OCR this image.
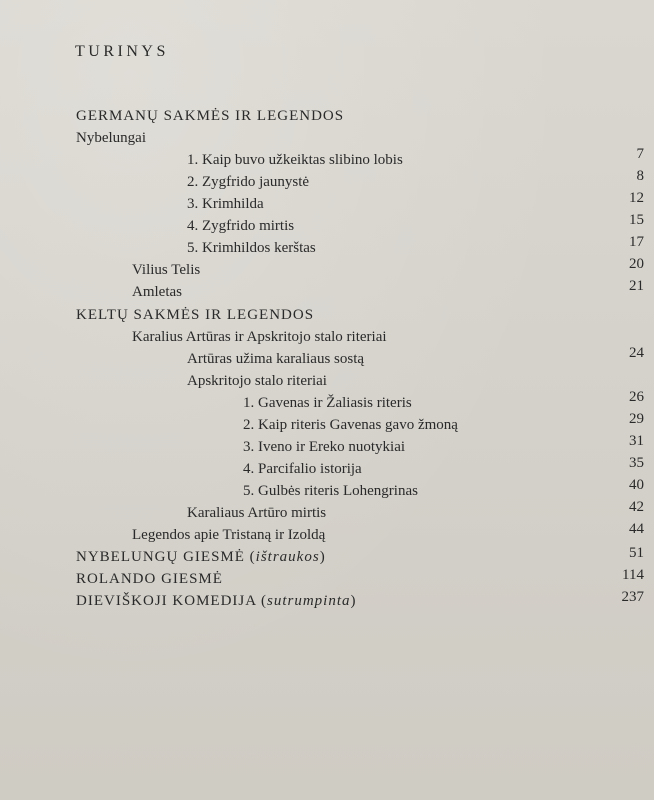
TURINYS
GERMANŲ SAKMĖS IR LEGENDOS
Nybelungai
1. Kaip buvo užkeiktas slibino lobis	7
2. Zygfrido jaunystė	8
3. Krimhilda	12
4. Zygfrido mirtis	15
5. Krimhildos kerštas	17
Vilius Telis	20
Amletas	21
KELTŲ SAKMĖS IR LEGENDOS
Karalius Artūras ir Apskritojo stalo riteriai
Artūras užima karaliaus sostą	24
Apskritojo stalo riteriai
1. Gavenas ir Žaliasis riteris	26
2. Kaip riteris Gavenas gavo žmoną	29
3. Iveno ir Ereko nuotykiai	31
4. Parcifalio istorija	35
5. Gulbės riteris Lohengrinas	40
Karaliaus Artūro mirtis	42
Legendos apie Tristaną ir Izoldą	44
NYBELUNGŲ GIESMĖ (ištraukos)	51
ROLANDO GIESMĖ	114
DIEVIŠKOJI KOMEDIJA (sutrumpinta)	237
